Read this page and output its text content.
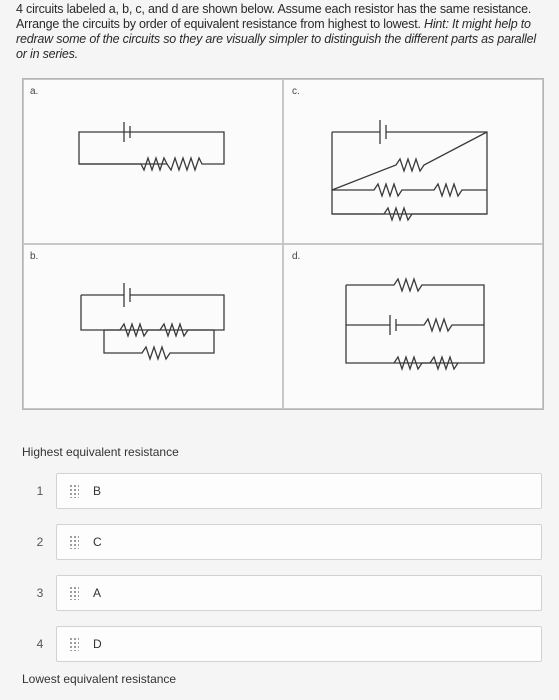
4 circuits labeled a, b, c, and d are shown below. Assume each resistor has the same resistance. Arrange the circuits by order of equivalent resistance from highest to lowest. Hint: It might help to redraw some of the circuits so they are visually simpler to distinguish the different parts as parallel or in series.
a.	c.
b.	d.
Highest equivalent resistance
1	B
2	C
3	A
4	D
Lowest equivalent resistance
